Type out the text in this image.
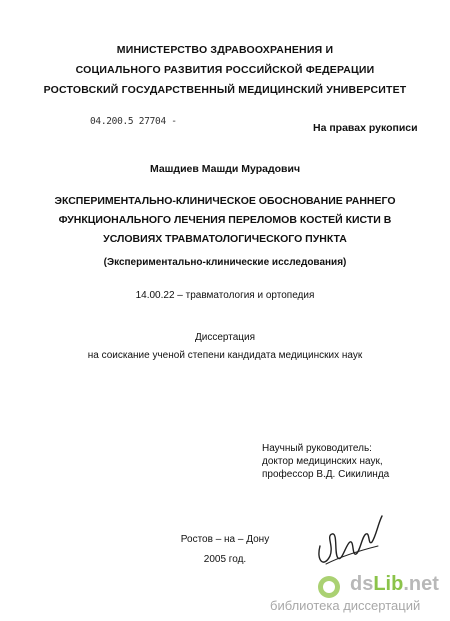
МИНИСТЕРСТВО ЗДРАВООХРАНЕНИЯ И
СОЦИАЛЬНОГО РАЗВИТИЯ РОССИЙСКОЙ ФЕДЕРАЦИИ
РОСТОВСКИЙ ГОСУДАРСТВЕННЫЙ МЕДИЦИНСКИЙ УНИВЕРСИТЕТ
04.200.5 27704 -
На правах рукописи
Машдиев Машди Мурадович
ЭКСПЕРИМЕНТАЛЬНО-КЛИНИЧЕСКОЕ ОБОСНОВАНИЕ РАННЕГО
ФУНКЦИОНАЛЬНОГО ЛЕЧЕНИЯ ПЕРЕЛОМОВ КОСТЕЙ КИСТИ В
УСЛОВИЯХ ТРАВМАТОЛОГИЧЕСКОГО ПУНКТА
(Экспериментально-клинические исследования)
14.00.22 – травматология и ортопедия
Диссертация
на соискание ученой степени кандидата медицинских наук
Научный руководитель:
доктор медицинских наук,
профессор В.Д. Сикилинда
Ростов – на – Дону
2005 год.
dsLib.net
библиотека диссертаций
